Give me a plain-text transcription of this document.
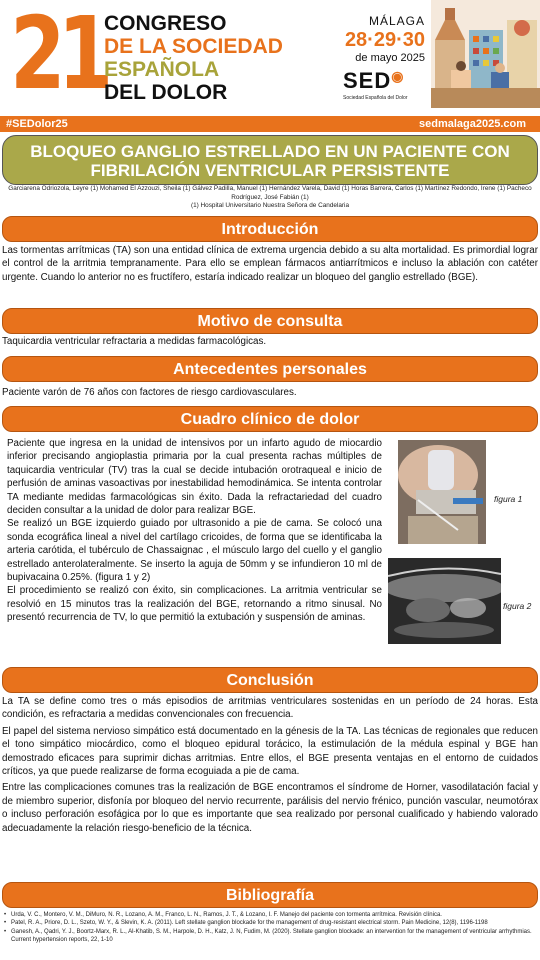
21
CONGRESO
DE LA SOCIEDAD
ESPAÑOLA
DEL DOLOR
MÁLAGA
28·29·30
de mayo 2025
SED◉
Sociedad Española del Dolor
#SEDolor25	sedmalaga2025.com
BLOQUEO GANGLIO ESTRELLADO EN UN PACIENTE CON
FIBRILACIÓN VENTRICULAR PERSISTENTE
Garciarena Odriozola, Leyre (1) Mohamed El Azzouzi, Sheila (1) Gálvez Padilla, Manuel (1) Hernández Varela, David (1) Horas Barrera, Carlos (1) Martínez Redondo, Irene (1) Pacheco Rodríguez, José Fabián (1)
(1) Hospital Universitario Nuestra Señora de Candelaria
Introducción

Las tormentas arrítmicas (TA) son una entidad clínica de extrema urgencia debido a su alta mortalidad. Es primordial lograr el control de la arritmia tempranamente. Para ello se emplean fármacos antiarrítmicos e incluso la ablación con catéter urgente. Cuando lo anterior no es fructífero, estaría indicado realizar un bloqueo del ganglio estrellado (BGE).

Motivo de consulta

Taquicardia ventricular refractaria a medidas farmacológicas.

Antecedentes personales

Paciente varón de 76 años con factores de riesgo cardiovasculares.

Cuadro clínico de dolor

Paciente que ingresa en la unidad de intensivos por un infarto agudo de miocardio inferior precisando angioplastia primaria por la cual presenta rachas múltiples de taquicardia ventricular (TV) tras la cual se decide intubación orotraqueal e inicio de perfusión de aminas vasoactivas por inestabilidad hemodinámica. Se intenta controlar TA mediante medidas farmacológicas sin éxito. Dada la refractariedad del cuadro deciden consultar a la unidad de dolor para realizar BGE.

Se realizó un BGE izquierdo guiado por ultrasonido a pie de cama. Se colocó una sonda ecográfica lineal a nivel del cartílago cricoides, de forma que se identificaba la arteria carótida, el tubérculo de Chassaignac , el músculo largo del cuello y el ganglio estrellado anterolateralmente. Se inserto la aguja de 50mm y se infundieron 10 ml de bupivacaina 0.25%. (figura 1 y 2)

El procedimiento se realizó con éxito, sin complicaciones. La arritmia ventricular se resolvió en 15 minutos tras la realización del BGE, retornando a ritmo sinusal. No presentó recurrencia de TV, lo que permitió la extubación y suspensión de aminas.

figura 1
figura 2
Conclusión

La TA se define como tres o más episodios de arritmias ventriculares sostenidas en un período de 24 horas. Esta condición, es refractaria a medidas convencionales con frecuencia.

El papel del sistema nervioso simpático está documentado en la génesis de la TA. Las técnicas de regionales que reducen el tono simpático miocárdico, como el bloqueo epidural torácico, la estimulación de la médula espinal y BGE han demostrado eficaces para suprimir dichas arritmias. Entre ellos, el BGE presenta ventajas en el entorno de cuidados críticos, ya que puede realizarse de forma ecoguiada a pie de cama.

Entre las complicaciones comunes tras la realización de BGE encontramos el síndrome de Horner, vasodilatación facial y de miembro superior, disfonía por bloqueo del nervio recurrente, parálisis del nervio frénico, punción vascular, neumotórax o incluso perforación esofágica por lo que es importante que sea realizado por personal cualificado y habiendo valorado adecuadamente la relación riesgo-beneficio de la técnica.

Bibliografía
• Urda, V. C., Montero, V. M., DiMuro, N. R., Lozano, A. M., Franco, L. N., Ramos, J. T., & Lozano, I. F. Manejo del paciente con tormenta arrítmica. Revisión clínica.
• Patel, R. A., Priore, D. L., Szeto, W. Y., & Slevin, K. A. (2011). Left stellate ganglion blockade for the management of drug-resistant electrical storm. Pain Medicine, 12(8), 1196-1198
• Ganesh, A., Qadri, Y. J., Boortz-Marx, R. L., Al-Khatib, S. M., Harpole, D. H., Katz, J. N, Fudim, M. (2020). Stellate ganglion blockade: an intervention for the management of ventricular arrhythmias. Current hypertension reports, 22, 1-10
